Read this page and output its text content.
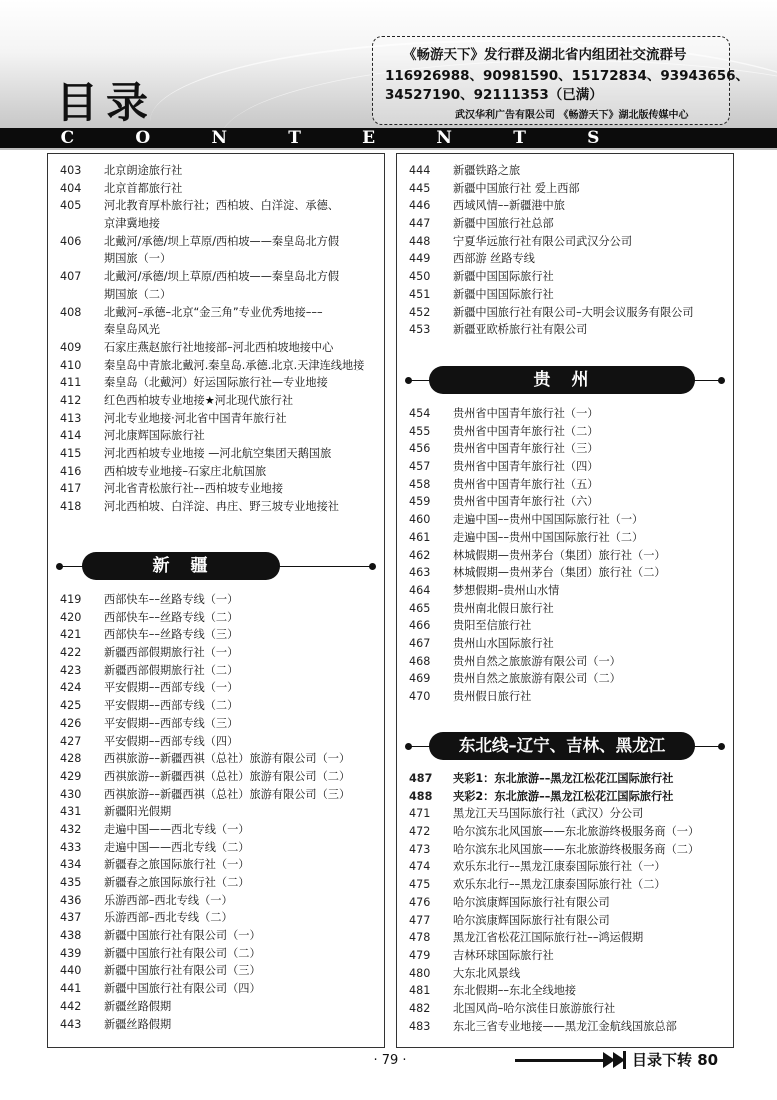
目录
《畅游天下》发行群及湖北省内组团社交流群号
116926988、90981590、15172834、93943656、
34527190、92111353（已满）
武汉华利广告有限公司 《畅游天下》湖北版传媒中心
C	O	N	T	E	N	T	S
403	北京朗途旅行社
404	北京首都旅行社
405	河北教育厚朴旅行社；西柏坡、白洋淀、承德、
京津冀地接
406	北戴河/承德/坝上草原/西柏坡——秦皇岛北方假
期国旅（一）
407	北戴河/承德/坝上草原/西柏坡——秦皇岛北方假
期国旅（二）
408	北戴河–承德–北京“金三角”专业优秀地接–––
秦皇岛风光
409	石家庄燕赵旅行社地接部–河北西柏坡地接中心
410	秦皇岛中青旅北戴河.秦皇岛.承德.北京.天津连线地接
411	秦皇岛（北戴河）好运国际旅行社—专业地接
412	红色西柏坡专业地接★河北现代旅行社
413	河北专业地接·河北省中国青年旅行社
414	河北康辉国际旅行社
415	河北西柏坡专业地接 —河北航空集团天鹅国旅
416	西柏坡专业地接–石家庄北航国旅
417	河北省青松旅行社––西柏坡专业地接
418	河北西柏坡、白洋淀、冉庄、野三坡专业地接社
新　疆
419	西部快车––丝路专线（一）
420	西部快车––丝路专线（二）
421	西部快车––丝路专线（三）
422	新疆西部假期旅行社（一）
423	新疆西部假期旅行社（二）
424	平安假期––西部专线（一）
425	平安假期––西部专线（二）
426	平安假期––西部专线（三）
427	平安假期––西部专线（四）
428	西祺旅游––新疆西祺（总社）旅游有限公司（一）
429	西祺旅游––新疆西祺（总社）旅游有限公司（二）
430	西祺旅游––新疆西祺（总社）旅游有限公司（三）
431	新疆阳光假期
432	走遍中国——西北专线（一）
433	走遍中国——西北专线（二）
434	新疆春之旅国际旅行社（一）
435	新疆春之旅国际旅行社（二）
436	乐游西部–西北专线（一）
437	乐游西部–西北专线（二）
438	新疆中国旅行社有限公司（一）
439	新疆中国旅行社有限公司（二）
440	新疆中国旅行社有限公司（三）
441	新疆中国旅行社有限公司（四）
442	新疆丝路假期
443	新疆丝路假期
444	新疆铁路之旅
445	新疆中国旅行社 爱上西部
446	西域风情––新疆港中旅
447	新疆中国旅行社总部
448	宁夏华远旅行社有限公司武汉分公司
449	西部游 丝路专线
450	新疆中国国际旅行社
451	新疆中国国际旅行社
452	新疆中国旅行社有限公司–大明会议服务有限公司
453	新疆亚欧桥旅行社有限公司
贵　州
454	贵州省中国青年旅行社（一）
455	贵州省中国青年旅行社（二）
456	贵州省中国青年旅行社（三）
457	贵州省中国青年旅行社（四）
458	贵州省中国青年旅行社（五）
459	贵州省中国青年旅行社（六）
460	走遍中国––贵州中国国际旅行社（一）
461	走遍中国––贵州中国国际旅行社（二）
462	林城假期—贵州茅台（集团）旅行社（一）
463	林城假期—贵州茅台（集团）旅行社（二）
464	梦想假期–贵州山水情
465	贵州南北假日旅行社
466	贵阳至信旅行社
467	贵州山水国际旅行社
468	贵州自然之旅旅游有限公司（一）
469	贵州自然之旅旅游有限公司（二）
470	贵州假日旅行社
东北线–辽宁、吉林、黑龙江
487	夹彩1：东北旅游––黑龙江松花江国际旅行社
488	夹彩2：东北旅游––黑龙江松花江国际旅行社
471	黑龙江天马国际旅行社（武汉）分公司
472	哈尔滨东北风国旅——东北旅游终极服务商（一）
473	哈尔滨东北风国旅——东北旅游终极服务商（二）
474	欢乐东北行––黑龙江康泰国际旅行社（一）
475	欢乐东北行––黑龙江康泰国际旅行社（二）
476	哈尔滨康辉国际旅行社有限公司
477	哈尔滨康辉国际旅行社有限公司
478	黑龙江省松花江国际旅行社––鸿运假期
479	吉林环球国际旅行社
480	大东北风景线
481	东北假期––东北全线地接
482	北国风尚–哈尔滨佳日旅游旅行社
483	东北三省专业地接——黑龙江金航线国旅总部
· 79 ·	目录下转 80
